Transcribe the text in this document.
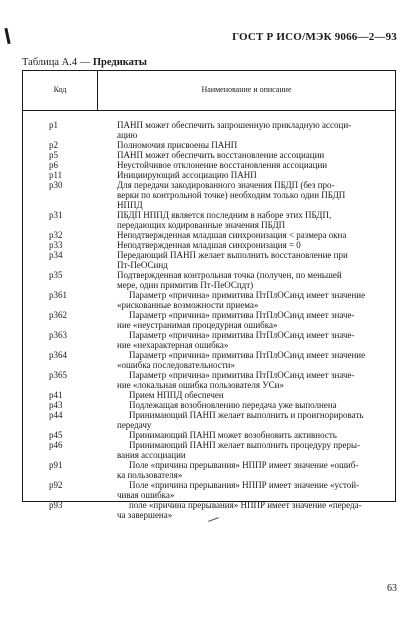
ГОСТ Р ИСО/МЭК 9066—2—93
Таблица А.4 — Предикаты
Код	Наименование и описание
p1	ПАНП может обеспечить запрошенную прикладную ассоци-
ацию
p2	Полномочия присвоены ПАНП
p5	ПАНП может обеспечить восстановление ассоциации
p6	Неустойчивое отклонение восстановления ассоциации
p11	Инициирующий ассоциацию ПАНП
p30	Для передачи закодированного значения ПБДП (без про-
верки по контрольной точке) необходим только один ПБДП
НППД
p31	ПБДП НППД является последним в наборе этих ПБДП,
передающих кодированные значения ПБДП
p32	Неподтвержденная младшая синхронизация < размера окна
p33	Неподтвержденная младшая синхронизация = 0
p34	Передающий ПАНП желает выполнить восстановление при
Пт-ПеОСинд
p35	Подтвержденная контрольная точка (получен, по меньшей
мере, один примитив Пт-ПеОСпдт)
p361	Параметр «причина» примитива ПтПлОСинд имеет значение
«рискованные возможности приема»
p362	Параметр «причина» примитива ПтПлОСинд имеет значе-
ние «неустранимая процедурная ошибка»
p363	Параметр «причина» примитива ПтПлОСинд имеет значе-
ние «нехарактерная ошибка»
p364	Параметр «причина» примитива ПтПлОСинд имеет значение
«ошибка последовательности»
p365	Параметр «причина» примитива ПтПлОСинд имеет значе-
ние «локальная ошибка пользователя УСи»
p41	Прием НППД обеспечен
p43	Подлежащая возобновлению передача уже выполнена
p44	Принимающий ПАНП желает выполнить и проигнорировать
передачу
p45	Принимающий ПАНП может возобновить активность
p46	Принимающий ПАНП желает выполнить процедуру преры-
вания ассоциации
p91	Поле «причина прерывания» НППР имеет значение «ошиб-
ка пользователя»
p92	Поле «причина прерывания» НППР имеет значение «устой-
чивая ошибка»
p93	поле «причина прерывания» НППР имеет значение «переда-
ча завершена»
63
